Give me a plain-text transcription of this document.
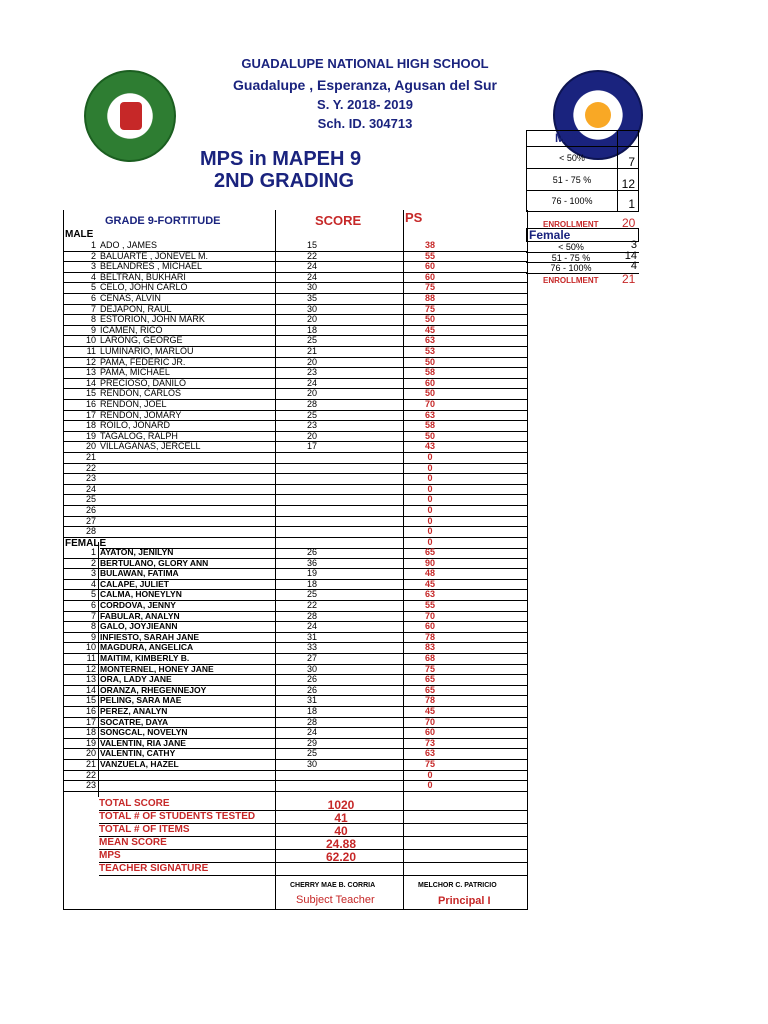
GUADALUPE NATIONAL HIGH SCHOOL
Guadalupe , Esperanza, Agusan del Sur
S. Y. 2018- 2019
Sch. ID. 304713
MPS in MAPEH 9
2ND GRADING
GRADE 9-FORTITUDE	SCORE	PS
MALE
1 ADO , JAMES	15	38
2 BALUARTE , JONEVEL M.	22	55
3 BELANDRES , MICHAEL	24	60
4 BELTRAN, BUKHARI	24	60
5 CELO, JOHN CARLO	30	75
6 CENAS, ALVIN	35	88
7 DEJAPON, RAUL	30	75
8 ESTORION, JOHN MARK	20	50
9 ICAMEN, RICO	18	45
10 LARONG, GEORGE	25	63
11 LUMINARIO, MARLOU	21	53
12 PAMA, FEDERIC JR.	20	50
13 PAMA, MICHAEL	23	58
14 PRECIOSO, DANILO	24	60
15 RENDON, CARLOS	20	50
16 RENDON, JOEL	28	70
17 RENDON, JOMARY	25	63
18 ROILO, JONARD	23	58
19 TAGALOG, RALPH	20	50
20 VILLAGANAS, JERCELL	17	43
21	0
22	0
23	0
24	0
25	0
26	0
27	0
28	0
FEMALE	0
1 AYATON, JENILYN	26	65
2 BERTULANO, GLORY ANN	36	90
3 BULAWAN, FATIMA	19	48
4 CALAPE, JULIET	18	45
5 CALMA, HONEYLYN	25	63
6 CORDOVA, JENNY	22	55
7 FABULAR, ANALYN	28	70
8 GALO, JOYJIEANN	24	60
9 INFIESTO, SARAH JANE	31	78
10 MAGDURA, ANGELICA	33	83
11 MAITIM, KIMBERLY B.	27	68
12 MONTERNEL, HONEY JANE	30	75
13 ORA, LADY JANE	26	65
14 ORANZA, RHEGENNEJOY	26	65
15 PELING, SARA MAE	31	78
16 PEREZ, ANALYN	18	45
17 SOCATRE, DAYA	28	70
18 SONGCAL, NOVELYN	24	60
19 VALENTIN, RIA JANE	29	73
20 VALENTIN, CATHY	25	63
21 VANZUELA, HAZEL	30	75
22	0
23	0
TOTAL SCORE	1020
TOTAL # OF STUDENTS TESTED	41
TOTAL # OF ITEMS	40
MEAN SCORE	24.88
MPS	62.20
TEACHER SIGNATURE
CHERRY MAE B. CORRIA	MELCHOR C. PATRICIO
Subject Teacher	Principal I
Male
< 50%	7
51 - 75 %	12
76 - 100%	1
ENROLLMENT 20
Female
< 50%	3
51 - 75 %	14
76 - 100%	4
ENROLLMENT 21
